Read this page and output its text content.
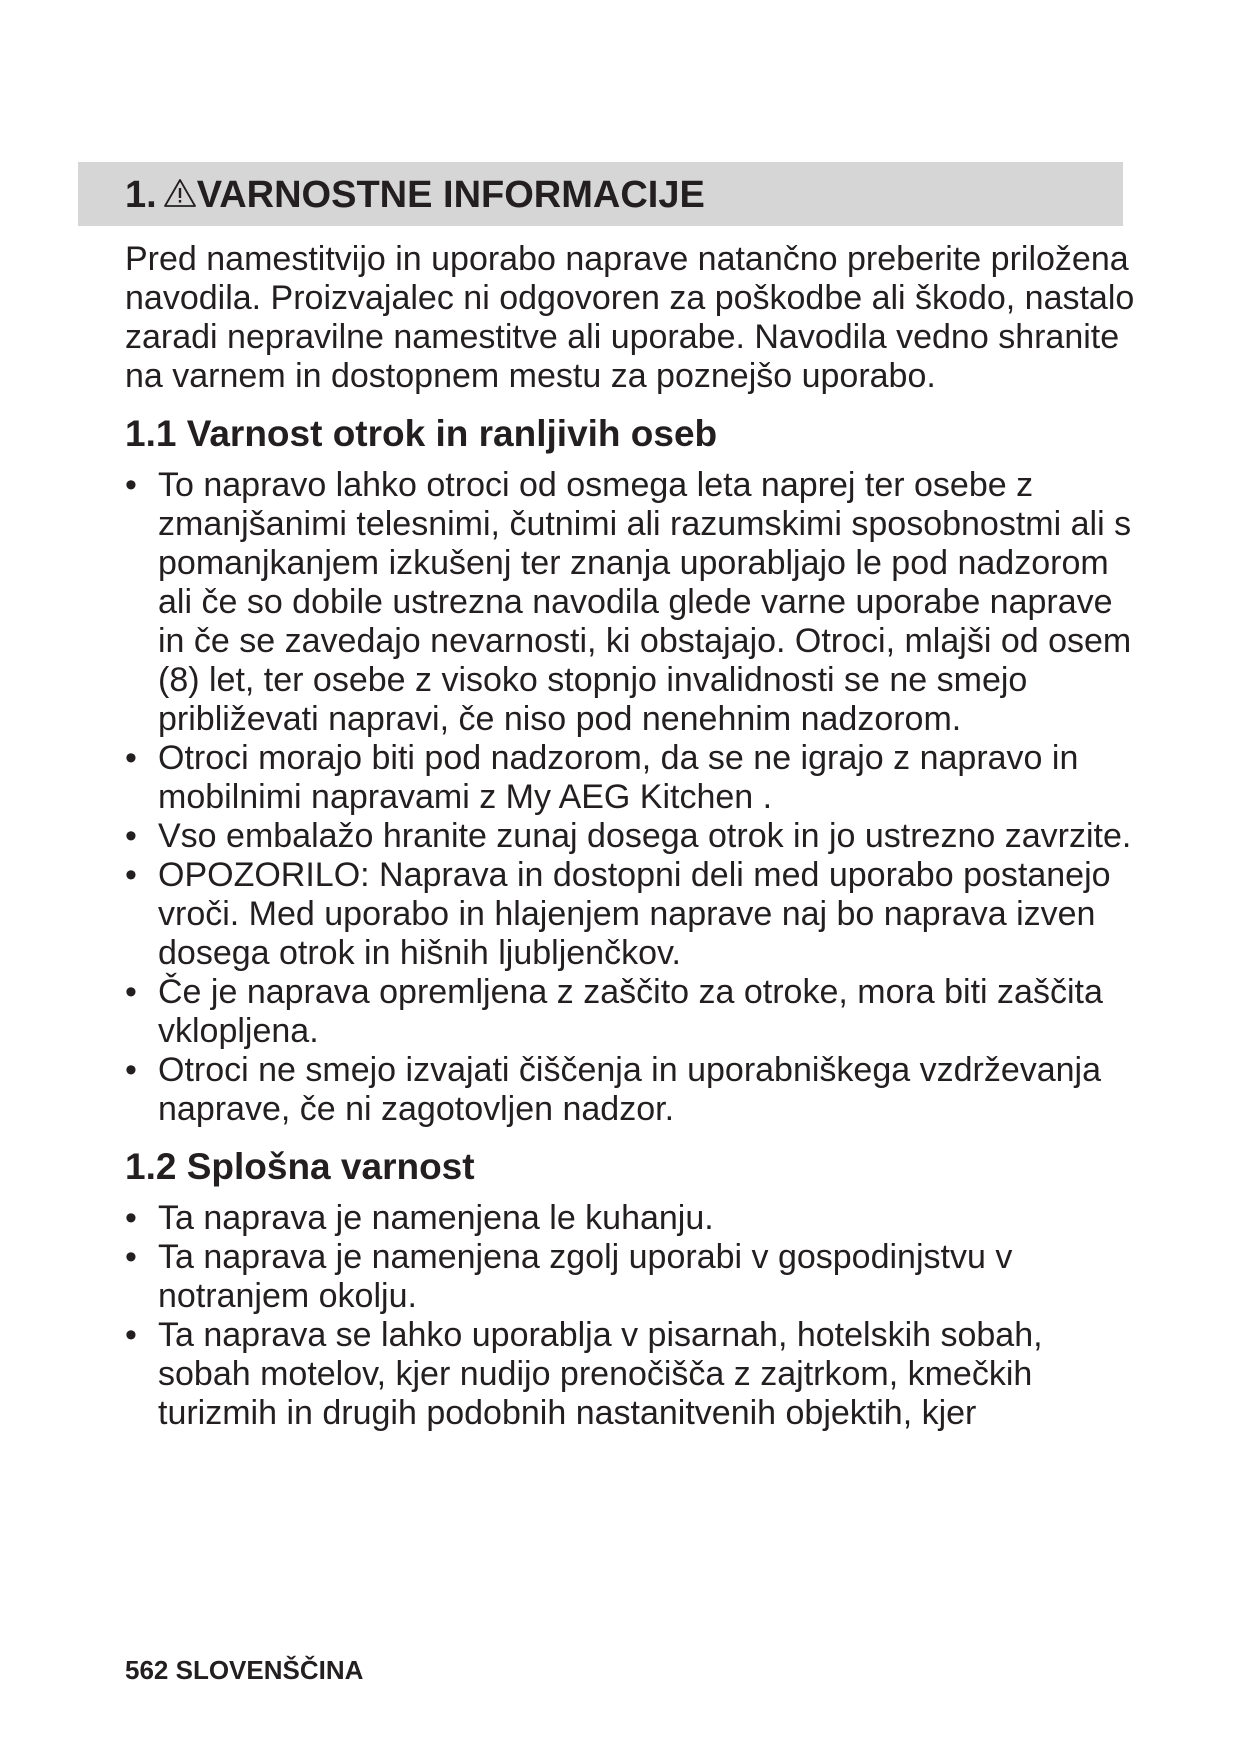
1. VARNOSTNE INFORMACIJE

Pred namestitvijo in uporabo naprave natančno preberite priložena navodila. Proizvajalec ni odgovoren za poškodbe ali škodo, nastalo zaradi nepravilne namestitve ali uporabe. Navodila vedno shranite na varnem in dostopnem mestu za poznejšo uporabo.

1.1 Varnost otrok in ranljivih oseb
• To napravo lahko otroci od osmega leta naprej ter osebe z zmanjšanimi telesnimi, čutnimi ali razumskimi sposobnostmi ali s pomanjkanjem izkušenj ter znanja uporabljajo le pod nadzorom ali če so dobile ustrezna navodila glede varne uporabe naprave in če se zavedajo nevarnosti, ki obstajajo. Otroci, mlajši od osem (8) let, ter osebe z visoko stopnjo invalidnosti se ne smejo približevati napravi, če niso pod nenehnim nadzorom.
• Otroci morajo biti pod nadzorom, da se ne igrajo z napravo in mobilnimi napravami z My AEG Kitchen .
• Vso embalažo hranite zunaj dosega otrok in jo ustrezno zavrzite.
• OPOZORILO: Naprava in dostopni deli med uporabo postanejo vroči. Med uporabo in hlajenjem naprave naj bo naprava izven dosega otrok in hišnih ljubljenčkov.
• Če je naprava opremljena z zaščito za otroke, mora biti zaščita vklopljena.
• Otroci ne smejo izvajati čiščenja in uporabniškega vzdrževanja naprave, če ni zagotovljen nadzor.
1.2 Splošna varnost
• Ta naprava je namenjena le kuhanju.
• Ta naprava je namenjena zgolj uporabi v gospodinjstvu v notranjem okolju.
• Ta naprava se lahko uporablja v pisarnah, hotelskih sobah, sobah motelov, kjer nudijo prenočišča z zajtrkom, kmečkih turizmih in drugih podobnih nastanitvenih objektih, kjer
562 SLOVENŠČINA
